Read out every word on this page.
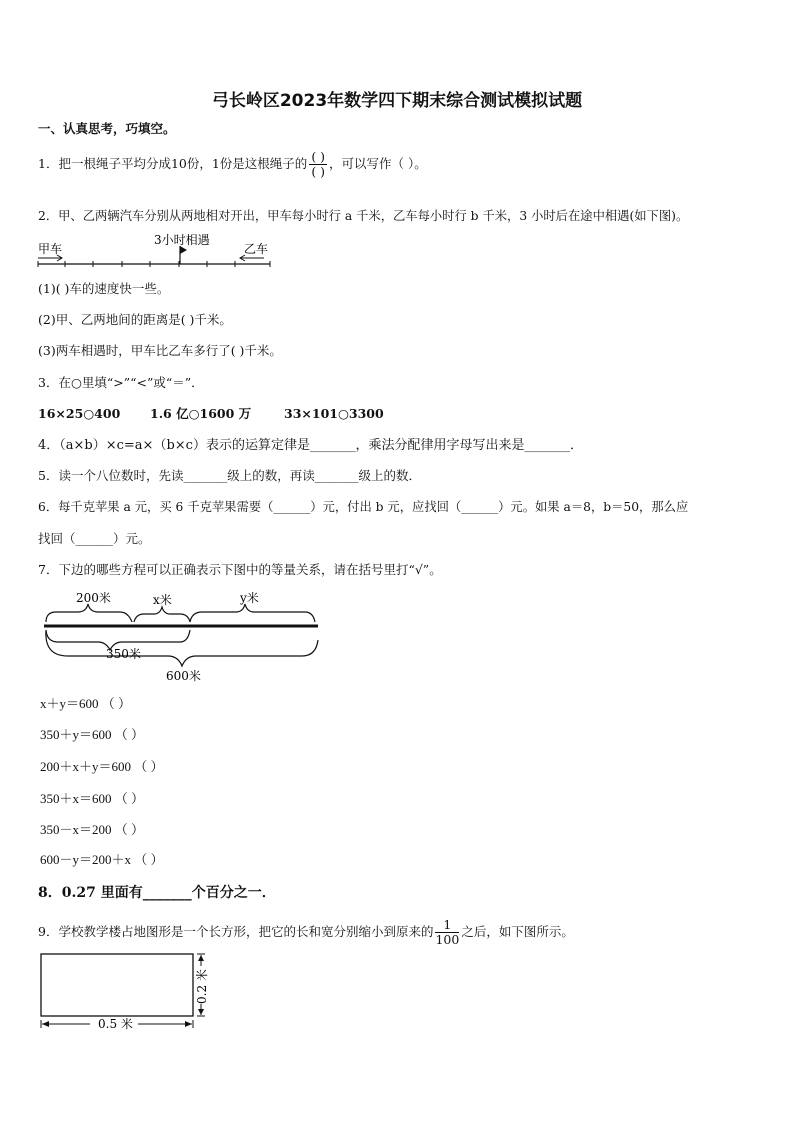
弓长岭区2023年数学四下期末综合测试模拟试题
一、认真思考，巧填空。
1．把一根绳子平均分成10份，1份是这根绳子的 $\frac{( )}{( )}$ ，可以写作（ ）。
2．甲、乙两辆汽车分别从两地相对开出，甲车每小时行 a 千米，乙车每小时行 b 千米，3 小时后在途中相遇(如下图)。
甲车
3小时相遇
乙车
(1)( )车的速度快一些。
(2)甲、乙两地间的距离是( )千米。
(3)两车相遇时，甲车比乙车多行了( )千米。
3．在○里填“>”“<”或“＝”．
16×25○400 1.6 亿○1600 万	33×101○3300
4．（a×b）×c=a×（b×c）表示的运算定律是_______，乘法分配律用字母写出来是_______．
5．读一个八位数时，先读_______级上的数，再读_______级上的数．
6．每千克苹果 a 元，买 6 千克苹果需要（______）元，付出 b 元，应找回（______）元。如果 a＝8，b＝50，那么应
找回（______）元。
7．下边的哪些方程可以正确表示下图中的等量关系，请在括号里打“√”。
200米	x米	y米
350米
600米
x＋y＝600 （ ）
350＋y＝600 （ ）
200＋x＋y＝600 （ ）
350＋x＝600 （ ）
350－x＝200 （ ）
600－y＝200＋x （ ）
8．0.27 里面有_______个百分之一．
9．学校教学楼占地图形是一个长方形，把它的长和宽分别缩小到原来的 $\frac{1}{100}$ 之后，如下图所示。
0.5 米
0.2 米
